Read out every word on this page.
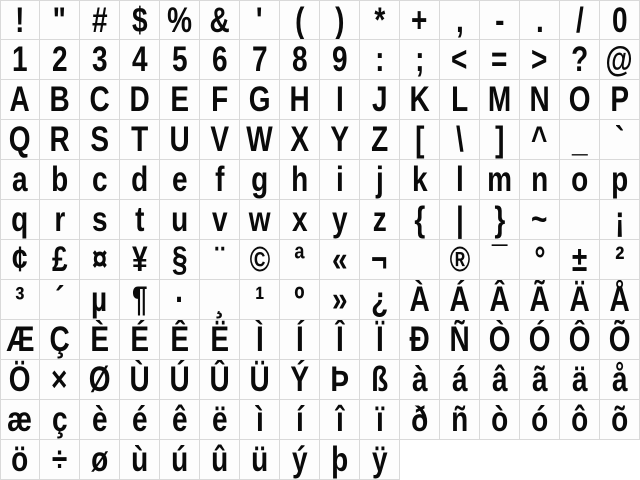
! " # $ % & ' ( ) * + , - . / 0
1 2 3 4 5 6 7 8 9 : ; < = > ? @
A B C D E F G H I J K L M N O P
Q R S T U V W X Y Z [ \ ] ^ _ `
a b c d e f g h i j k l m n o p
q r s t u v w x y z { | } ~ ¡
¢ £ ¤ ¥ § ¨ © ª « ¬ ® ¯ ° ± ²
³ ´ µ ¶ · ¸ ¹ º » ¿ À Á Â Ã Ä Å
Æ Ç È É Ê Ë Ì Í Î Ï Ð Ñ Ò Ó Ô Õ
Ö × Ø Ù Ú Û Ü Ý Þ ß à á â ã ä å
æ ç è é ê ë ì í î ï ð ñ ò ó ô õ
ö ÷ ø ù ú û ü ý þ ÿ
